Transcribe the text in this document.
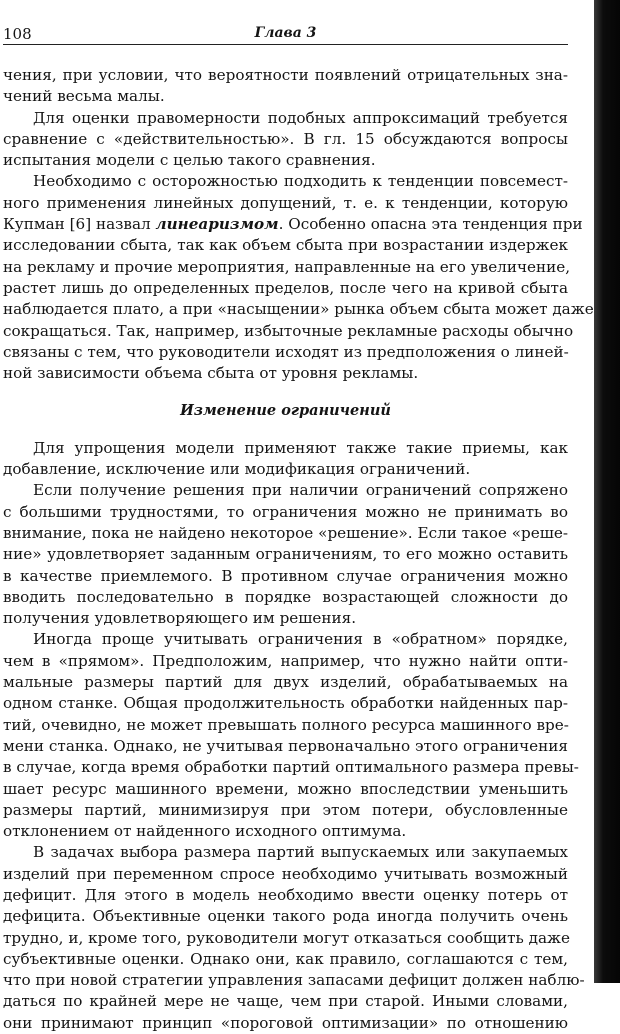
108	Глава 3
чения, при условии, что вероятности появлений отрицательных зна-
чений весьма малы.
Для оценки правомерности подобных аппроксимаций требуется
сравнение с «действительностью». В гл. 15 обсуждаются вопросы
испытания модели с целью такого сравнения.
Необходимо с осторожностью подходить к тенденции повсемест-
ного применения линейных допущений, т. е. к тенденции, которую
Купман [6] назвал линеаризмом. Особенно опасна эта тенденция при
исследовании сбыта, так как объем сбыта при возрастании издержек
на рекламу и прочие мероприятия, направленные на его увеличение,
растет лишь до определенных пределов, после чего на кривой сбыта
наблюдается плато, а при «насыщении» рынка объем сбыта может даже
сокращаться. Так, например, избыточные рекламные расходы обычно
связаны с тем, что руководители исходят из предположения о линей-
ной зависимости объема сбыта от уровня рекламы.
Изменение ограничений
Для упрощения модели применяют также такие приемы, как
добавление, исключение или модификация ограничений.
Если получение решения при наличии ограничений сопряжено
с большими трудностями, то ограничения можно не принимать во
внимание, пока не найдено некоторое «решение». Если такое «реше-
ние» удовлетворяет заданным ограничениям, то его можно оставить
в качестве приемлемого. В противном случае ограничения можно
вводить последовательно в порядке возрастающей сложности до
получения удовлетворяющего им решения.
Иногда проще учитывать ограничения в «обратном» порядке,
чем в «прямом». Предположим, например, что нужно найти опти-
мальные размеры партий для двух изделий, обрабатываемых на
одном станке. Общая продолжительность обработки найденных пар-
тий, очевидно, не может превышать полного ресурса машинного вре-
мени станка. Однако, не учитывая первоначально этого ограничения
в случае, когда время обработки партий оптимального размера превы-
шает ресурс машинного времени, можно впоследствии уменьшить
размеры партий, минимизируя при этом потери, обусловленные
отклонением от найденного исходного оптимума.
В задачах выбора размера партий выпускаемых или закупаемых
изделий при переменном спросе необходимо учитывать возможный
дефицит. Для этого в модель необходимо ввести оценку потерь от
дефицита. Объективные оценки такого рода иногда получить очень
трудно, и, кроме того, руководители могут отказаться сообщить даже
субъективные оценки. Однако они, как правило, соглашаются с тем,
что при новой стратегии управления запасами дефицит должен наблю-
даться по крайней мере не чаще, чем при старой. Иными словами,
они принимают принцип «пороговой оптимизации» по отношению
